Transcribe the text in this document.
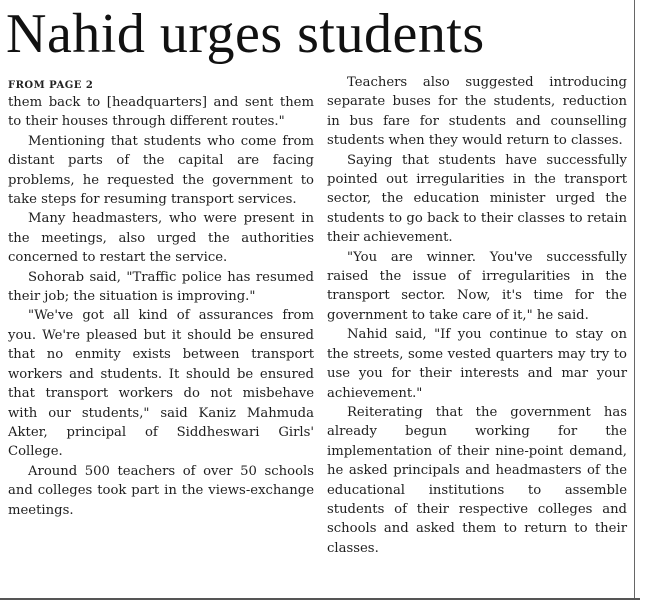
Nahid urges students
FROM PAGE 2

them back to [headquarters] and sent them to their houses through different routes."

Mentioning that students who come from distant parts of the capital are facing problems, he requested the government to take steps for resuming transport services.

Many headmasters, who were present in the meetings, also urged the authorities concerned to restart the service.

Sohorab said, "Traffic police has resumed their job; the situation is improving."

"We've got all kind of assurances from you. We're pleased but it should be ensured that no enmity exists between transport workers and students. It should be ensured that transport workers do not misbehave with our students," said Kaniz Mahmuda Akter, principal of Siddheswari Girls' College.

Around 500 teachers of over 50 schools and colleges took part in the views-exchange meetings.

Teachers also suggested introducing separate buses for the students, reduction in bus fare for students and counselling students when they would return to classes.

Saying that students have successfully pointed out irregularities in the transport sector, the education minister urged the students to go back to their classes to retain their achievement.

"You are winner. You've successfully raised the issue of irregularities in the transport sector. Now, it's time for the government to take care of it," he said.

Nahid said, "If you continue to stay on the streets, some vested quarters may try to use you for their interests and mar your achievement."

Reiterating that the government has already begun working for the implementation of their nine-point demand, he asked principals and headmasters of the educational institutions to assemble students of their respective colleges and schools and asked them to return to their classes.
